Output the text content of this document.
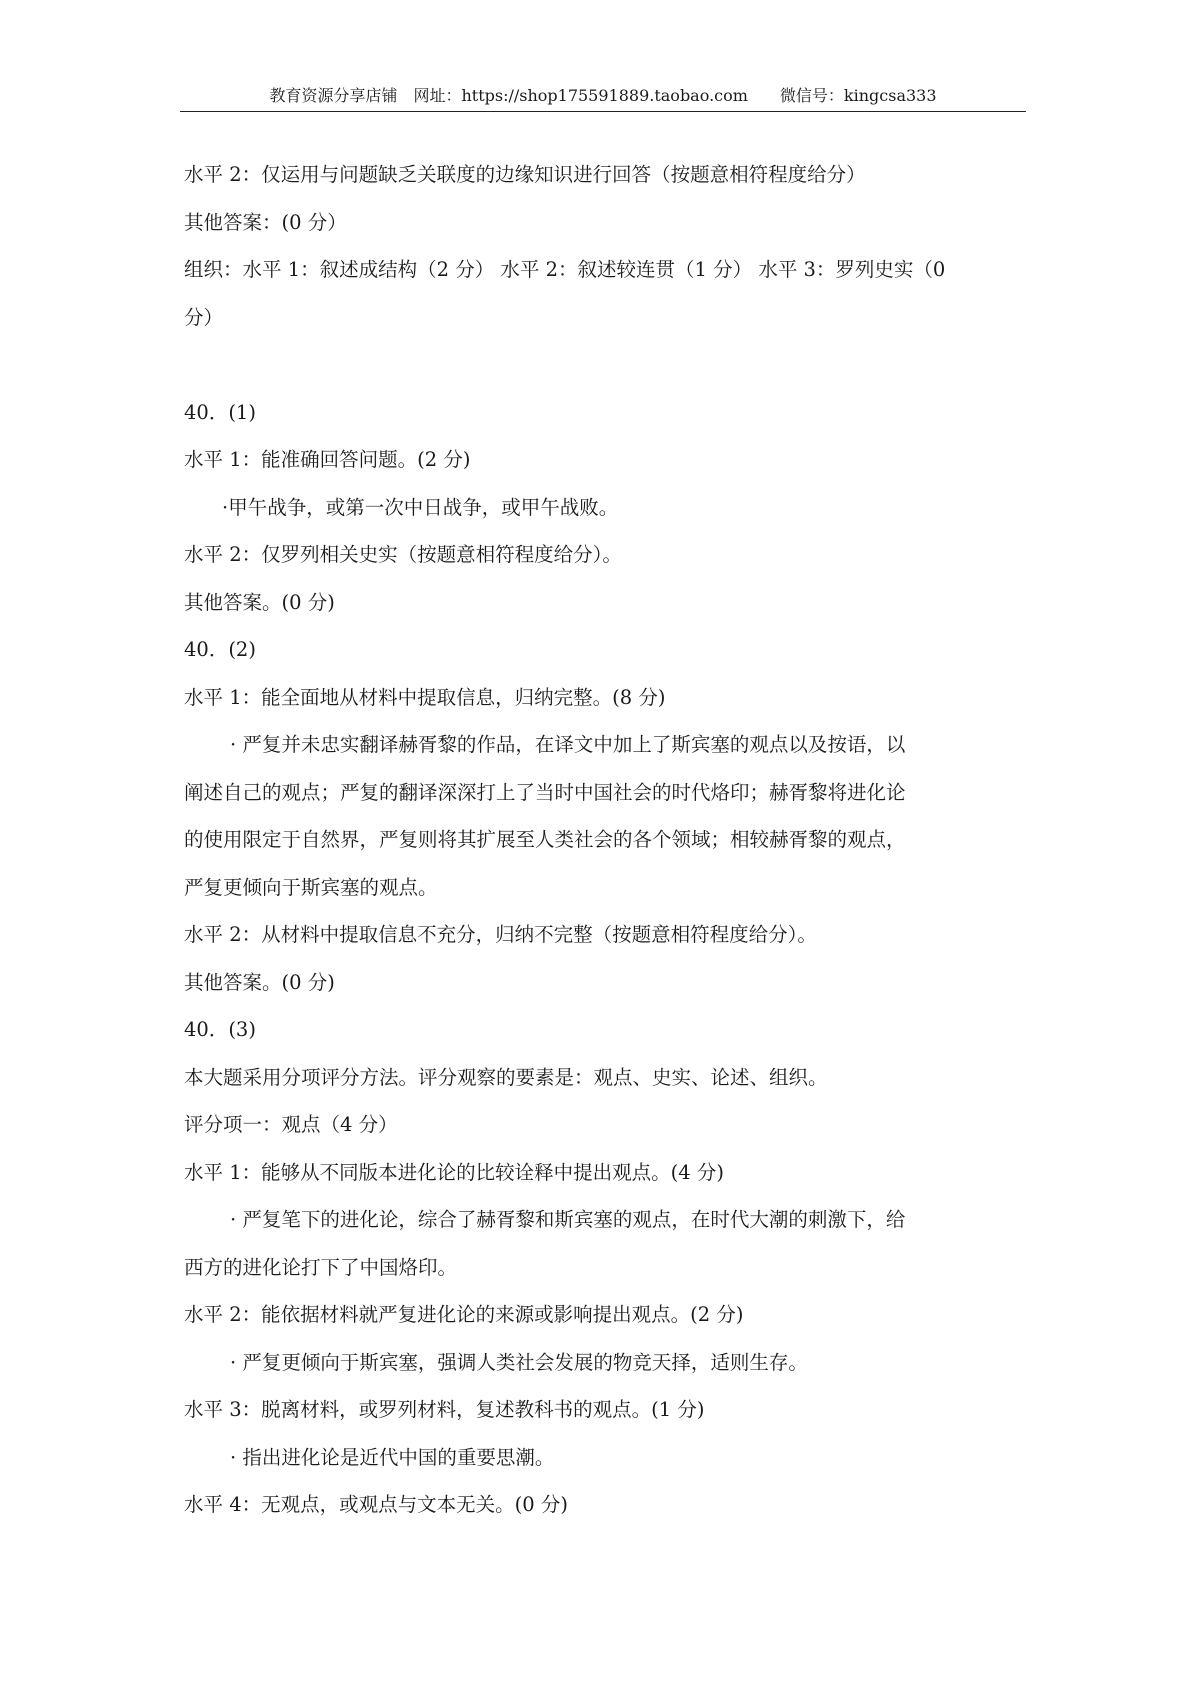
教育资源分享店铺　网址：https://shop175591889.taobao.com　　微信号：kingcsa333

水平 2：仅运用与问题缺乏关联度的边缘知识进行回答（按题意相符程度给分）

其他答案：(0 分）

组织：水平 1：叙述成结构（2 分） 水平 2：叙述较连贯（1 分） 水平 3：罗列史实（0

分）

40．(1)

水平 1：能准确回答问题。(2 分)

·甲午战争，或第一次中日战争，或甲午战败。

水平 2：仅罗列相关史实（按题意相符程度给分）。

其他答案。(0 分)

40．(2)

水平 1：能全面地从材料中提取信息，归纳完整。(8 分)

· 严复并未忠实翻译赫胥黎的作品，在译文中加上了斯宾塞的观点以及按语，以

阐述自己的观点；严复的翻译深深打上了当时中国社会的时代烙印；赫胥黎将进化论

的使用限定于自然界，严复则将其扩展至人类社会的各个领域；相较赫胥黎的观点，

严复更倾向于斯宾塞的观点。

水平 2：从材料中提取信息不充分，归纳不完整（按题意相符程度给分）。

其他答案。(0 分)

40．(3)

本大题采用分项评分方法。评分观察的要素是：观点、史实、论述、组织。

评分项一：观点（4 分）

水平 1：能够从不同版本进化论的比较诠释中提出观点。(4 分)

· 严复笔下的进化论，综合了赫胥黎和斯宾塞的观点，在时代大潮的刺激下，给

西方的进化论打下了中国烙印。

水平 2：能依据材料就严复进化论的来源或影响提出观点。(2 分)

· 严复更倾向于斯宾塞，强调人类社会发展的物竞天择，适则生存。

水平 3：脱离材料，或罗列材料，复述教科书的观点。(1 分)

· 指出进化论是近代中国的重要思潮。

水平 4：无观点，或观点与文本无关。(0 分)
